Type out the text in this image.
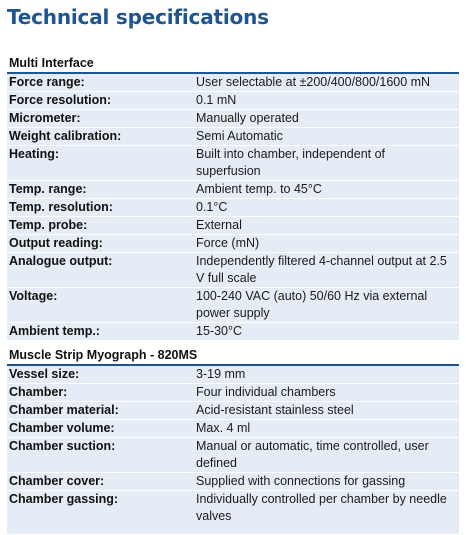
Technical specifications
Multi Interface
Force range:	User selectable at ±200/400/800/1600 mN
Force resolution:	0.1 mN
Micrometer:	Manually operated
Weight calibration:	Semi Automatic
Heating:	Built into chamber, independent of superfusion
Temp. range:	Ambient temp. to 45°C
Temp. resolution:	0.1°C
Temp. probe:	External
Output reading:	Force (mN)
Analogue output:	Independently filtered 4-channel output at 2.5 V full scale
Voltage:	100-240 VAC (auto) 50/60 Hz via external power supply
Ambient temp.:	15-30°C
Muscle Strip Myograph - 820MS
Vessel size:	3-19 mm
Chamber:	Four individual chambers
Chamber material:	Acid-resistant stainless steel
Chamber volume:	Max. 4 ml
Chamber suction:	Manual or automatic, time controlled, user defined
Chamber cover:	Supplied with connections for gassing
Chamber gassing:	Individually controlled per chamber by needle valves
